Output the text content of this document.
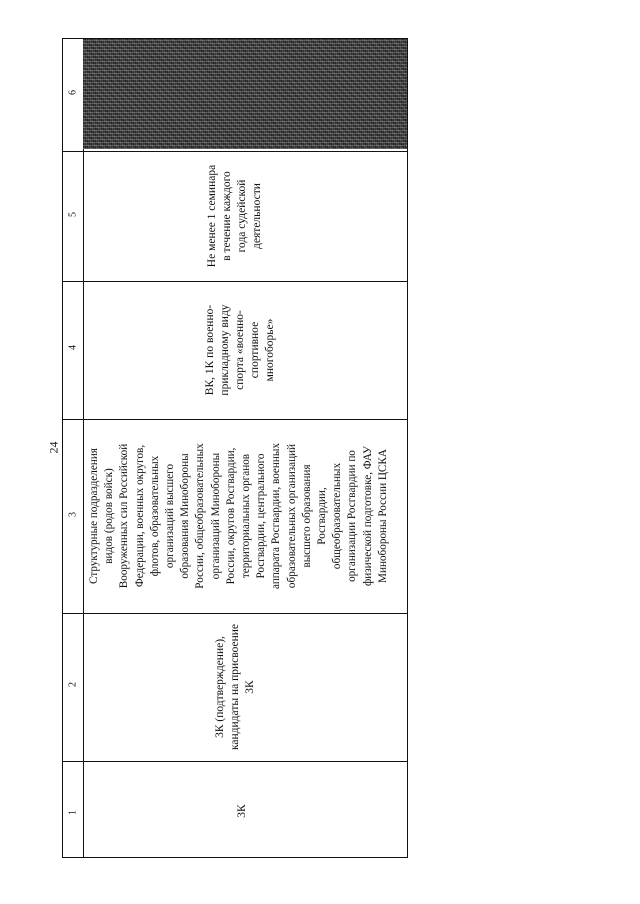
24
1
2
3
4
5
6
3К
3К (подтверждение),
кандидаты на присвоение
3К
Структурные подразделения
видов (родов войск)
Вооруженных сил Российской
Федерации, военных округов,
флотов, образовательных
организаций высшего
образования Минобороны
России, общеобразовательных
организаций Минобороны
России, округов Росгвардии,
территориальных органов
Росгвардии, центрального
аппарата Росгвардии, военных
образовательных организаций
высшего образования
Росгвардии,
общеобразовательных
организации Росгвардии по
физической подготовке, ФАУ
Минобороны России ЦСКА
ВК, 1К по военно-
прикладному виду
спорта «военно-
спортивное
многоборье»
Не менее 1 семинара
в течение каждого
года судейской
деятельности
